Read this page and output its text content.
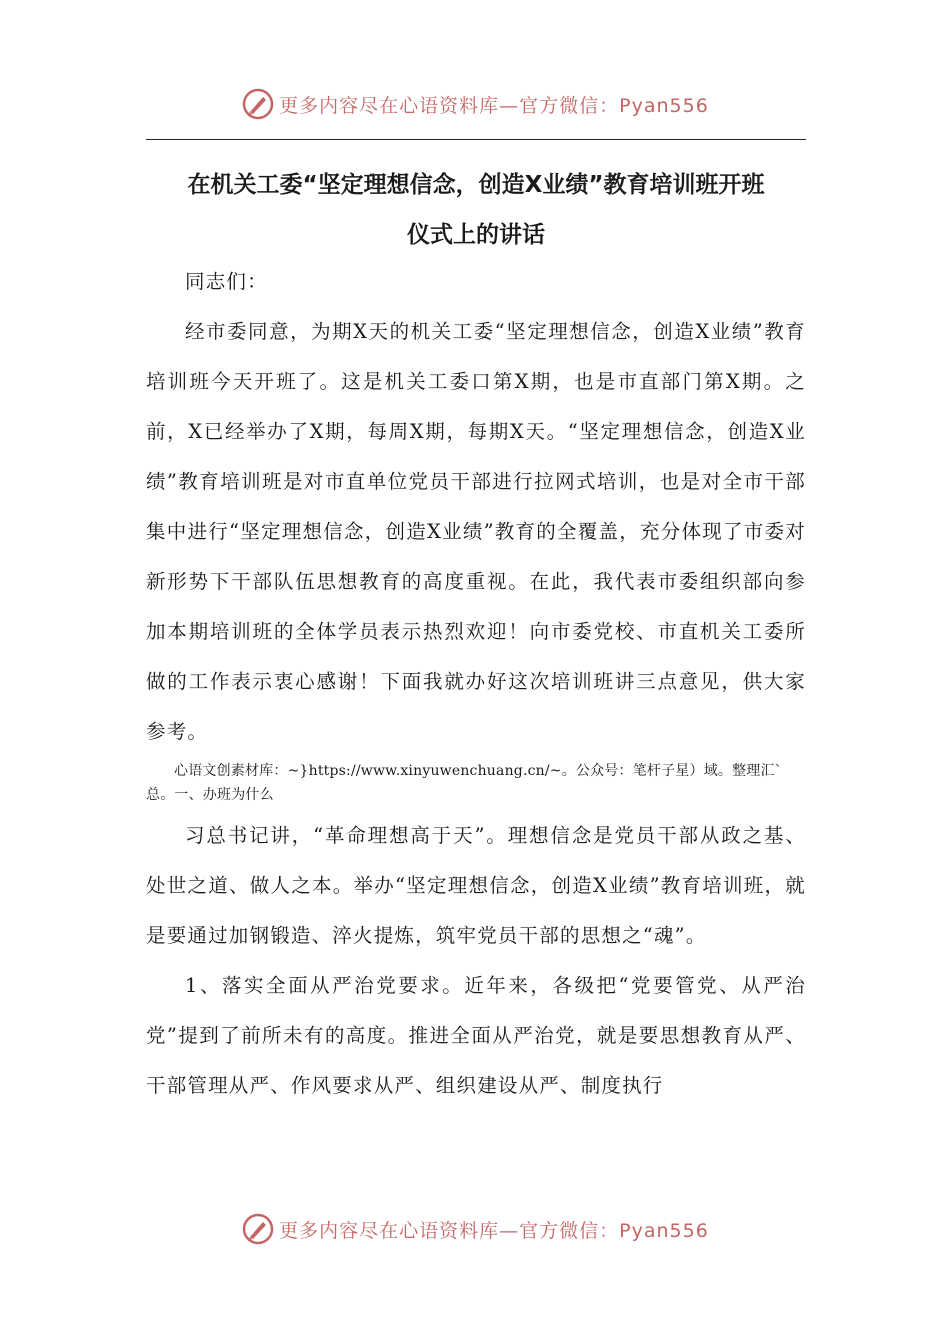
更多内容尽在心语资料库—官方微信：Pyan556
在机关工委“坚定理想信念，创造X业绩”教育培训班开班
仪式上的讲话

同志们：

经市委同意，为期X天的机关工委“坚定理想信念，创造X业绩”教育培训班今天开班了。这是机关工委口第X期，也是市直部门第X期。之前，X已经举办了X期，每周X期，每期X天。“坚定理想信念，创造X业绩”教育培训班是对市直单位党员干部进行拉网式培训，也是对全市干部集中进行“坚定理想信念，创造X业绩”教育的全覆盖，充分体现了市委对新形势下干部队伍思想教育的高度重视。在此，我代表市委组织部向参加本期培训班的全体学员表示热烈欢迎！向市委党校、市直机关工委所做的工作表示衷心感谢！下面我就办好这次培训班讲三点意见，供大家参考。

心语文创素材库：~}https://www.xinyuwenchuang.cn/~。公众号：笔杆子星）域。整理汇`总。一、办班为什么

习总书记讲，“革命理想高于天”。理想信念是党员干部从政之基、处世之道、做人之本。举办“坚定理想信念，创造X业绩”教育培训班，就是要通过加钢锻造、淬火提炼，筑牢党员干部的思想之“魂”。

1、落实全面从严治党要求。近年来，各级把“党要管党、从严治党”提到了前所未有的高度。推进全面从严治党，就是要思想教育从严、干部管理从严、作风要求从严、组织建设从严、制度执行

更多内容尽在心语资料库—官方微信：Pyan556
